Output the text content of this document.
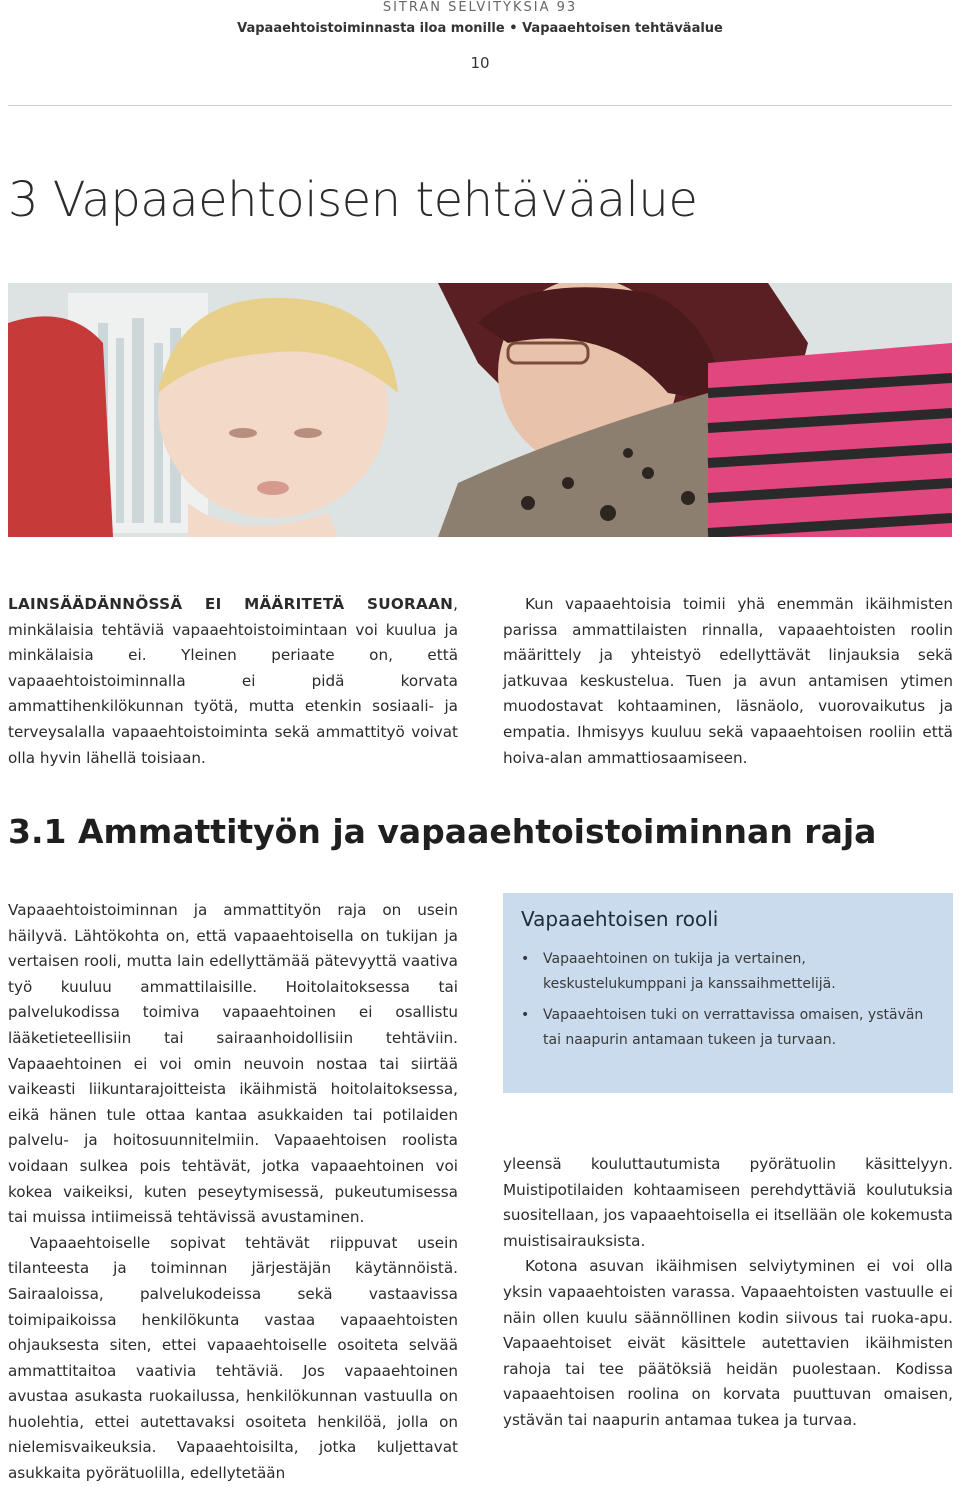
SITRAN SELVITYKSIÄ 93
Vapaaehtoistoiminnasta iloa monille • Vapaaehtoisen tehtäväalue
10
3 Vapaaehtoisen tehtäväalue

LAINSÄÄDÄNNÖSSÄ EI MÄÄRITETÄ SUORAAN, minkälaisia tehtäviä vapaaehtoistoimintaan voi kuulua ja minkälaisia ei. Yleinen periaate on, että vapaaehtoistoiminnalla ei pidä korvata ammattihenkilökunnan työtä, mutta etenkin sosiaali- ja terveysalalla vapaaehtoistoiminta sekä ammattityö voivat olla hyvin lähellä toisiaan.

Kun vapaaehtoisia toimii yhä enemmän ikäihmisten parissa ammattilaisten rinnalla, vapaaehtoisten roolin määrittely ja yhteistyö edellyttävät linjauksia sekä jatkuvaa keskustelua. Tuen ja avun antamisen ytimen muodostavat kohtaaminen, läsnäolo, vuorovaikutus ja empatia. Ihmisyys kuuluu sekä vapaaehtoisen rooliin että hoiva-alan ammattiosaamiseen.

3.1 Ammattityön ja vapaaehtoistoiminnan raja

Vapaaehtoistoiminnan ja ammattityön raja on usein häilyvä. Lähtökohta on, että vapaaehtoisella on tukijan ja vertaisen rooli, mutta lain edellyttämää pätevyyttä vaativa työ kuuluu ammattilaisille. Hoitolaitoksessa tai palvelukodissa toimiva vapaaehtoinen ei osallistu lääketieteellisiin tai sairaanhoidollisiin tehtäviin. Vapaaehtoinen ei voi omin neuvoin nostaa tai siirtää vaikeasti liikuntarajoitteista ikäihmistä hoitolaitoksessa, eikä hänen tule ottaa kantaa asukkaiden tai potilaiden palvelu- ja hoitosuunnitelmiin. Vapaaehtoisen roolista voidaan sulkea pois tehtävät, jotka vapaaehtoinen voi kokea vaikeiksi, kuten peseytymisessä, pukeutumisessa tai muissa intiimeissä tehtävissä avustaminen.

Vapaaehtoiselle sopivat tehtävät riippuvat usein tilanteesta ja toiminnan järjestäjän käytännöistä. Sairaaloissa, palvelukodeissa sekä vastaavissa toimipaikoissa henkilökunta vastaa vapaaehtoisten ohjauksesta siten, ettei vapaaehtoiselle osoiteta selvää ammattitaitoa vaativia tehtäviä. Jos vapaaehtoinen avustaa asukasta ruokailussa, henkilökunnan vastuulla on huolehtia, ettei autettavaksi osoiteta henkilöä, jolla on nielemisvaikeuksia. Vapaaehtoisilta, jotka kuljettavat asukkaita pyörätuolilla, edellytetään

Vapaaehtoisen rooli
• Vapaaehtoinen on tukija ja vertainen, keskustelukumppani ja kanssaihmettelijä.
• Vapaaehtoisen tuki on verrattavissa omaisen, ystävän tai naapurin antamaan tukeen ja turvaan.

yleensä kouluttautumista pyörätuolin käsittelyyn. Muistipotilaiden kohtaamiseen perehdyttäviä koulutuksia suositellaan, jos vapaaehtoisella ei itsellään ole kokemusta muistisairauksista.

Kotona asuvan ikäihmisen selviytyminen ei voi olla yksin vapaaehtoisten varassa. Vapaaehtoisten vastuulle ei näin ollen kuulu säännöllinen kodin siivous tai ruoka-apu. Vapaaehtoiset eivät käsittele autettavien ikäihmisten rahoja tai tee päätöksiä heidän puolestaan. Kodissa vapaaehtoisen roolina on korvata puuttuvan omaisen, ystävän tai naapurin antamaa tukea ja turvaa.
